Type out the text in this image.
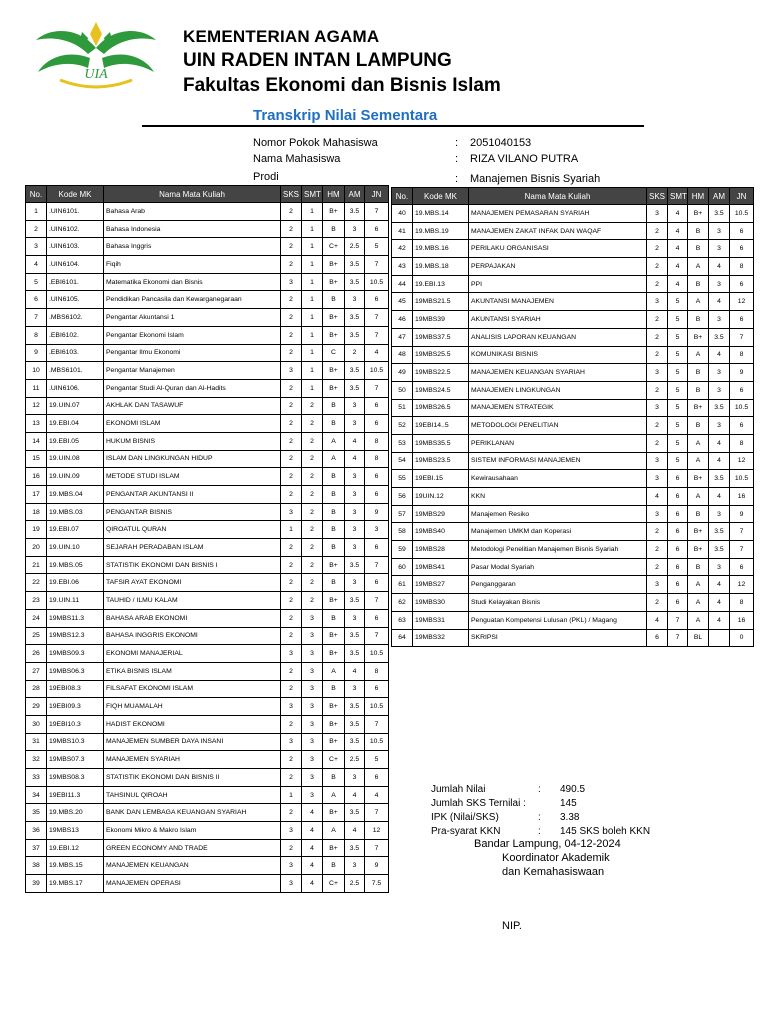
UIA
KEMENTERIAN AGAMA
UIN RADEN INTAN LAMPUNG
Fakultas Ekonomi dan Bisnis Islam
Transkrip Nilai Sementara
Nomor Pokok Mahasiswa	: 2051040153
Nama Mahasiswa	: RIZA VILANO PUTRA
Prodi	: Manajemen Bisnis Syariah
No.	Kode MK	Nama Mata Kuliah	SKS	SMT	HM	AM	JN
1	.UIN6101.	Bahasa Arab	2	1	B+	3.5	7
2	.UIN6102.	Bahasa Indonesia	2	1	B	3	6
3	.UIN6103.	Bahasa Inggris	2	1	C+	2.5	5
4	.UIN6104.	Fiqih	2	1	B+	3.5	7
5	.EBI6101.	Matematika Ekonomi dan Bisnis	3	1	B+	3.5	10.5
6	.UIN6105.	Pendidikan Pancasila dan Kewarganegaraan	2	1	B	3	6
7	.MBS6102.	Pengantar Akuntansi 1	2	1	B+	3.5	7
8	.EBI6102.	Pengantar Ekonomi Islam	2	1	B+	3.5	7
9	.EBI6103.	Pengantar Ilmu Ekonomi	2	1	C	2	4
10	.MBS6101.	Pengantar Manajemen	3	1	B+	3.5	10.5
11	.UIN6106.	Pengantar Studi Al-Quran dan Al-Hadits	2	1	B+	3.5	7
12	19.UIN.07	AKHLAK DAN TASAWUF	2	2	B	3	6
13	19.EBI.04	EKONOMI ISLAM	2	2	B	3	6
14	19.EBI.05	HUKUM BISNIS	2	2	A	4	8
15	19.UIN.08	ISLAM DAN LINGKUNGAN HIDUP	2	2	A	4	8
16	19.UIN.09	METODE STUDI ISLAM	2	2	B	3	6
17	19.MBS.04	PENGANTAR AKUNTANSI II	2	2	B	3	6
18	19.MBS.03	PENGANTAR BISNIS	3	2	B	3	9
19	19.EBI.07	QIROATUL QURAN	1	2	B	3	3
20	19.UIN.10	SEJARAH PERADABAN ISLAM	2	2	B	3	6
21	19.MBS.05	STATISTIK EKONOMI DAN BISNIS I	2	2	B+	3.5	7
22	19.EBI.06	TAFSIR AYAT EKONOMI	2	2	B	3	6
23	19.UIN.11	TAUHID / ILMU KALAM	2	2	B+	3.5	7
24	19MBS11.3	BAHASA ARAB EKONOMI	2	3	B	3	6
25	19MBS12.3	BAHASA INGGRIS EKONOMI	2	3	B+	3.5	7
26	19MBS09.3	EKONOMI MANAJERIAL	3	3	B+	3.5	10.5
27	19MBS06.3	ETIKA BISNIS ISLAM	2	3	A	4	8
28	19EBI08.3	FILSAFAT EKONOMI ISLAM	2	3	B	3	6
29	19EBI09.3	FIQH MUAMALAH	3	3	B+	3.5	10.5
30	19EBI10.3	HADIST EKONOMI	2	3	B+	3.5	7
31	19MBS10.3	MANAJEMEN SUMBER DAYA INSANI	3	3	B+	3.5	10.5
32	19MBS07.3	MANAJEMEN SYARIAH	2	3	C+	2.5	5
33	19MBS08.3	STATISTIK EKONOMI DAN BISNIS II	2	3	B	3	6
34	19EBI11.3	TAHSINUL QIROAH	1	3	A	4	4
35	19.MBS.20	BANK DAN LEMBAGA KEUANGAN SYARIAH	2	4	B+	3.5	7
36	19MBS13	Ekonomi Mikro & Makro Islam	3	4	A	4	12
37	19.EBI.12	GREEN ECONOMY AND TRADE	2	4	B+	3.5	7
38	19.MBS.15	MANAJEMEN KEUANGAN	3	4	B	3	9
39	19.MBS.17	MANAJEMEN OPERASI	3	4	C+	2.5	7.5
No.	Kode MK	Nama Mata Kuliah	SKS	SMT	HM	AM	JN
40	19.MBS.14	MANAJEMEN PEMASARAN SYARIAH	3	4	B+	3.5	10.5
41	19.MBS.19	MANAJEMEN ZAKAT INFAK DAN WAQAF	2	4	B	3	6
42	19.MBS.16	PERILAKU ORGANISASI	2	4	B	3	6
43	19.MBS.18	PERPAJAKAN	2	4	A	4	8
44	19.EBI.13	PPI	2	4	B	3	6
45	19MBS21.5	AKUNTANSI MANAJEMEN	3	5	A	4	12
46	19MBS39	AKUNTANSI SYARIAH	2	5	B	3	6
47	19MBS37.5	ANALISIS LAPORAN KEUANGAN	2	5	B+	3.5	7
48	19MBS25.5	KOMUNIKASI BISNIS	2	5	A	4	8
49	19MBS22.5	MANAJEMEN KEUANGAN SYARIAH	3	5	B	3	9
50	19MBS24.5	MANAJEMEN LINGKUNGAN	2	5	B	3	6
51	19MBS26.5	MANAJEMEN STRATEGIK	3	5	B+	3.5	10.5
52	19EBI14..5	METODOLOGI PENELITIAN	2	5	B	3	6
53	19MBS35.5	PERIKLANAN	2	5	A	4	8
54	19MBS23.5	SISTEM INFORMASI MANAJEMEN	3	5	A	4	12
55	19EBI.15	Kewirausahaan	3	6	B+	3.5	10.5
56	19UIN.12	KKN	4	6	A	4	16
57	19MBS29	Manajemen Resiko	3	6	B	3	9
58	19MBS40	Manajemen UMKM dan Koperasi	2	6	B+	3.5	7
59	19MBS28	Metodologi Penelitian Manajemen Bisnis Syariah	2	6	B+	3.5	7
60	19MBS41	Pasar Modal Syariah	2	6	B	3	6
61	19MBS27	Penganggaran	3	6	A	4	12
62	19MBS30	Studi Kelayakan Bisnis	2	6	A	4	8
63	19MBS31	Penguatan Kompetensi Lulusan (PKL) / Magang	4	7	A	4	16
64	19MBS32	SKRIPSI	6	7	BL		0
Jumlah Nilai	: 490.5
Jumlah SKS Ternilai :	145
IPK (Nilai/SKS)	: 3.38
Pra-syarat KKN	: 145 SKS boleh KKN
Bandar Lampung, 04-12-2024
Koordinator Akademik
dan Kemahasiswaan
NIP.
